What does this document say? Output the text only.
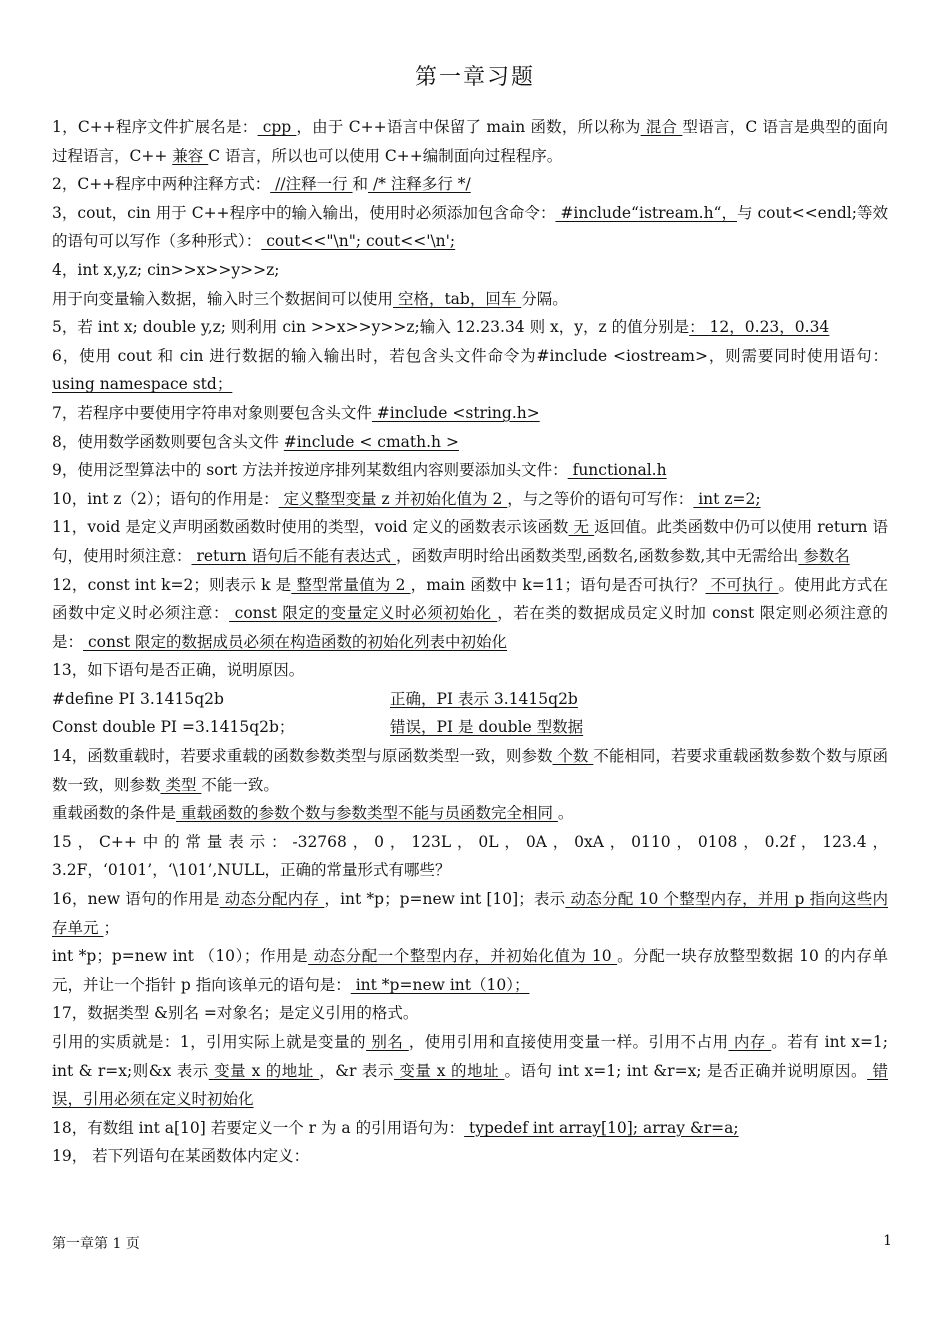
第一章习题

1，C++程序文件扩展名是： cpp ，由于 C++语言中保留了 main 函数，所以称为 混合 型语言，C 语言是典型的面向过程语言，C++ 兼容 C 语言，所以也可以使用 C++编制面向过程程序。

2，C++程序中两种注释方式： //注释一行 和 /* 注释多行 */

3，cout，cin 用于 C++程序中的输入输出，使用时必须添加包含命令： #include“istream.h“，与 cout<<endl;等效的语句可以写作（多种形式）： cout<<"\n"; cout<<'\n';

4，int x,y,z; cin>>x>>y>>z;

用于向变量输入数据，输入时三个数据间可以使用 空格，tab，回车 分隔。

5，若 int x; double y,z; 则利用 cin >>x>>y>>z;输入 12.23.34 则 x，y，z 的值分别是： 12，0.23，0.34

6，使用 cout 和 cin 进行数据的输入输出时，若包含头文件命令为#include <iostream>，则需要同时使用语句： using namespace std；

7，若程序中要使用字符串对象则要包含头文件 #include <string.h>

8，使用数学函数则要包含头文件 #include < cmath.h >

9，使用泛型算法中的 sort 方法并按逆序排列某数组内容则要添加头文件： functional.h

10，int z（2）；语句的作用是： 定义整型变量 z 并初始化值为 2 ，与之等价的语句可写作： int z=2;

11，void 是定义声明函数函数时使用的类型，void 定义的函数表示该函数 无 返回值。此类函数中仍可以使用 return 语句，使用时须注意： return 语句后不能有表达式 ，函数声明时给出函数类型,函数名,函数参数,其中无需给出 参数名

12，const int k=2；则表示 k 是 整型常量值为 2 ，main 函数中 k=11；语句是否可执行？ 不可执行 。使用此方式在函数中定义时必须注意： const 限定的变量定义时必须初始化 ，若在类的数据成员定义时加 const 限定则必须注意的是： const 限定的数据成员必须在构造函数的初始化列表中初始化

13，如下语句是否正确，说明原因。

#define PI 3.1415q2b	正确，PI 表示 3.1415q2b
Const double PI =3.1415q2b；	错误，PI 是 double 型数据

14，函数重载时，若要求重载的函数参数类型与原函数类型一致，则参数 个数 不能相同，若要求重载函数参数个数与原函数一致，则参数 类型 不能一致。

重载函数的条件是 重载函数的参数个数与参数类型不能与员函数完全相同 。

15，C++中的常量表示：-32768，0，123L，0L，0A，0xA，0110，0108，0.2f，123.4，3.2F，‘0101’，‘\101’,NULL，正确的常量形式有哪些？

16，new 语句的作用是 动态分配内存 ，int *p；p=new int [10]；表示 动态分配 10 个整型内存，并用 p 指向这些内存单元 ；

int *p；p=new int （10）；作用是 动态分配一个整型内存，并初始化值为 10 。分配一块存放整型数据 10 的内存单元，并让一个指针 p 指向该单元的语句是： int *p=new int（10）；

17，数据类型 &别名 =对象名；是定义引用的格式。

引用的实质就是：1，引用实际上就是变量的 别名 ，使用引用和直接使用变量一样。引用不占用 内存 。若有 int x=1; int & r=x;则&x 表示 变量 x 的地址 ，&r 表示 变量 x 的地址 。语句 int x=1; int &r=x; 是否正确并说明原因。 错误，引用必须在定义时初始化

18，有数组 int a[10] 若要定义一个 r 为 a 的引用语句为： typedef int array[10]; array &r=a;

19， 若下列语句在某函数体内定义：

第一章第 1 页	1
